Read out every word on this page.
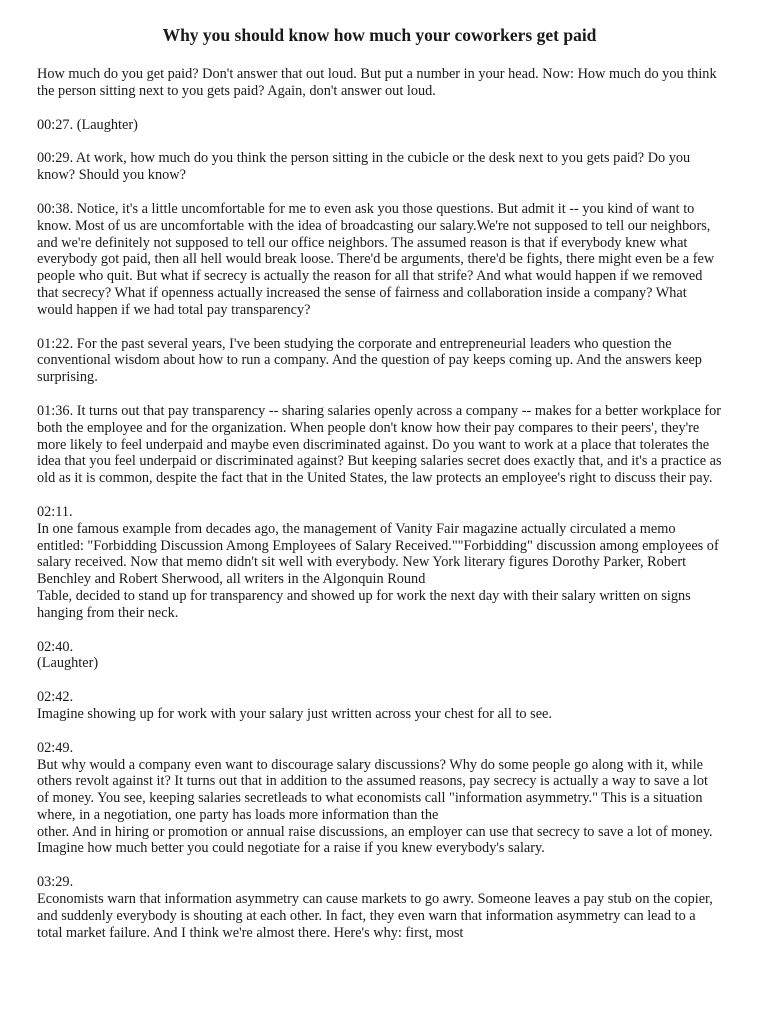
Why you should know how much your coworkers get paid

How much do you get paid? Don't answer that out loud. But put a number in your head. Now: How much do you think the person sitting next to you gets paid? Again, don't answer out loud.

00:27. (Laughter)

00:29. At work, how much do you think the person sitting in the cubicle or the desk next to you gets paid? Do you know? Should you know?

00:38. Notice, it's a little uncomfortable for me to even ask you those questions. But admit it -- you kind of want to know. Most of us are uncomfortable with the idea of broadcasting our salary.We're not supposed to tell our neighbors, and we're definitely not supposed to tell our office neighbors. The assumed reason is that if everybody knew what everybody got paid, then all hell would break loose. There'd be arguments, there'd be fights, there might even be a few people who quit. But what if secrecy is actually the reason for all that strife? And what would happen if we removed that secrecy? What if openness actually increased the sense of fairness and collaboration inside a company? What would happen if we had total pay transparency?

01:22. For the past several years, I've been studying the corporate and entrepreneurial leaders who question the conventional wisdom about how to run a company. And the question of pay keeps coming up. And the answers keep surprising.

01:36. It turns out that pay transparency -- sharing salaries openly across a company -- makes for a better workplace for both the employee and for the organization. When people don't know how their pay compares to their peers', they're more likely to feel underpaid and maybe even discriminated against. Do you want to work at a place that tolerates the idea that you feel underpaid or discriminated against? But keeping salaries secret does exactly that, and it's a practice as old as it is common, despite the fact that in the United States, the law protects an employee's right to discuss their pay.

02:11.
In one famous example from decades ago, the management of Vanity Fair magazine actually circulated a memo entitled: "Forbidding Discussion Among Employees of Salary Received.""Forbidding" discussion among employees of salary received. Now that memo didn't sit well with everybody. New York literary figures Dorothy Parker, Robert Benchley and Robert Sherwood, all writers in the Algonquin Round
Table, decided to stand up for transparency and showed up for work the next day with their salary written on signs hanging from their neck.

02:40.
(Laughter)

02:42.
Imagine showing up for work with your salary just written across your chest for all to see.

02:49.
But why would a company even want to discourage salary discussions? Why do some people go along with it, while others revolt against it? It turns out that in addition to the assumed reasons, pay secrecy is actually a way to save a lot of money. You see, keeping salaries secretleads to what economists call "information asymmetry." This is a situation where, in a negotiation, one party has loads more information than the
other. And in hiring or promotion or annual raise discussions, an employer can use that secrecy to save a lot of money. Imagine how much better you could negotiate for a raise if you knew everybody's salary.

03:29.
Economists warn that information asymmetry can cause markets to go awry. Someone leaves a pay stub on the copier, and suddenly everybody is shouting at each other. In fact, they even warn that information asymmetry can lead to a total market failure. And I think we're almost there. Here's why: first, most
